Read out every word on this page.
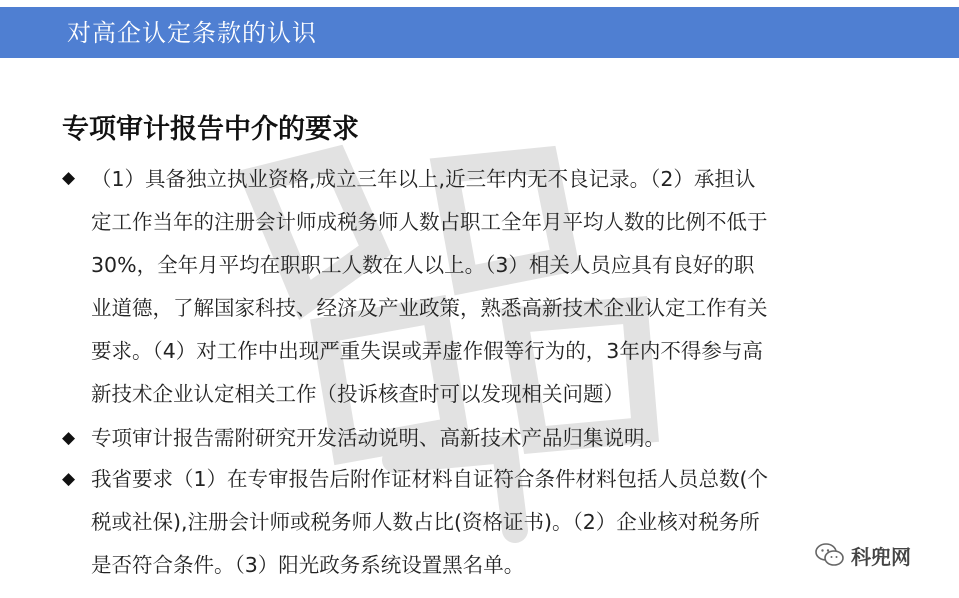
对高企认定条款的认识
专项审计报告中介的要求
◆
◆
◆
（1）具备独立执业资格,成立三年以上,近三年内无不良记录。（2）承担认
定工作当年的注册会计师成税务师人数占职工全年月平均人数的比例不低于
30%，全年月平均在职职工人数在人以上。（3）相关人员应具有良好的职
业道德，了解国家科技、经济及产业政策，熟悉高新技术企业认定工作有关
要求。（4）对工作中出现严重失误或弄虚作假等行为的，3年内不得参与高
新技术企业认定相关工作（投诉核查时可以发现相关问题）
专项审计报告需附研究开发活动说明、高新技术产品归集说明。
我省要求（1）在专审报告后附作证材料自证符合条件材料包括人员总数(个
税或社保),注册会计师或税务师人数占比(资格证书)。（2）企业核对税务所
是否符合条件。（3）阳光政务系统设置黑名单。	科兜网
